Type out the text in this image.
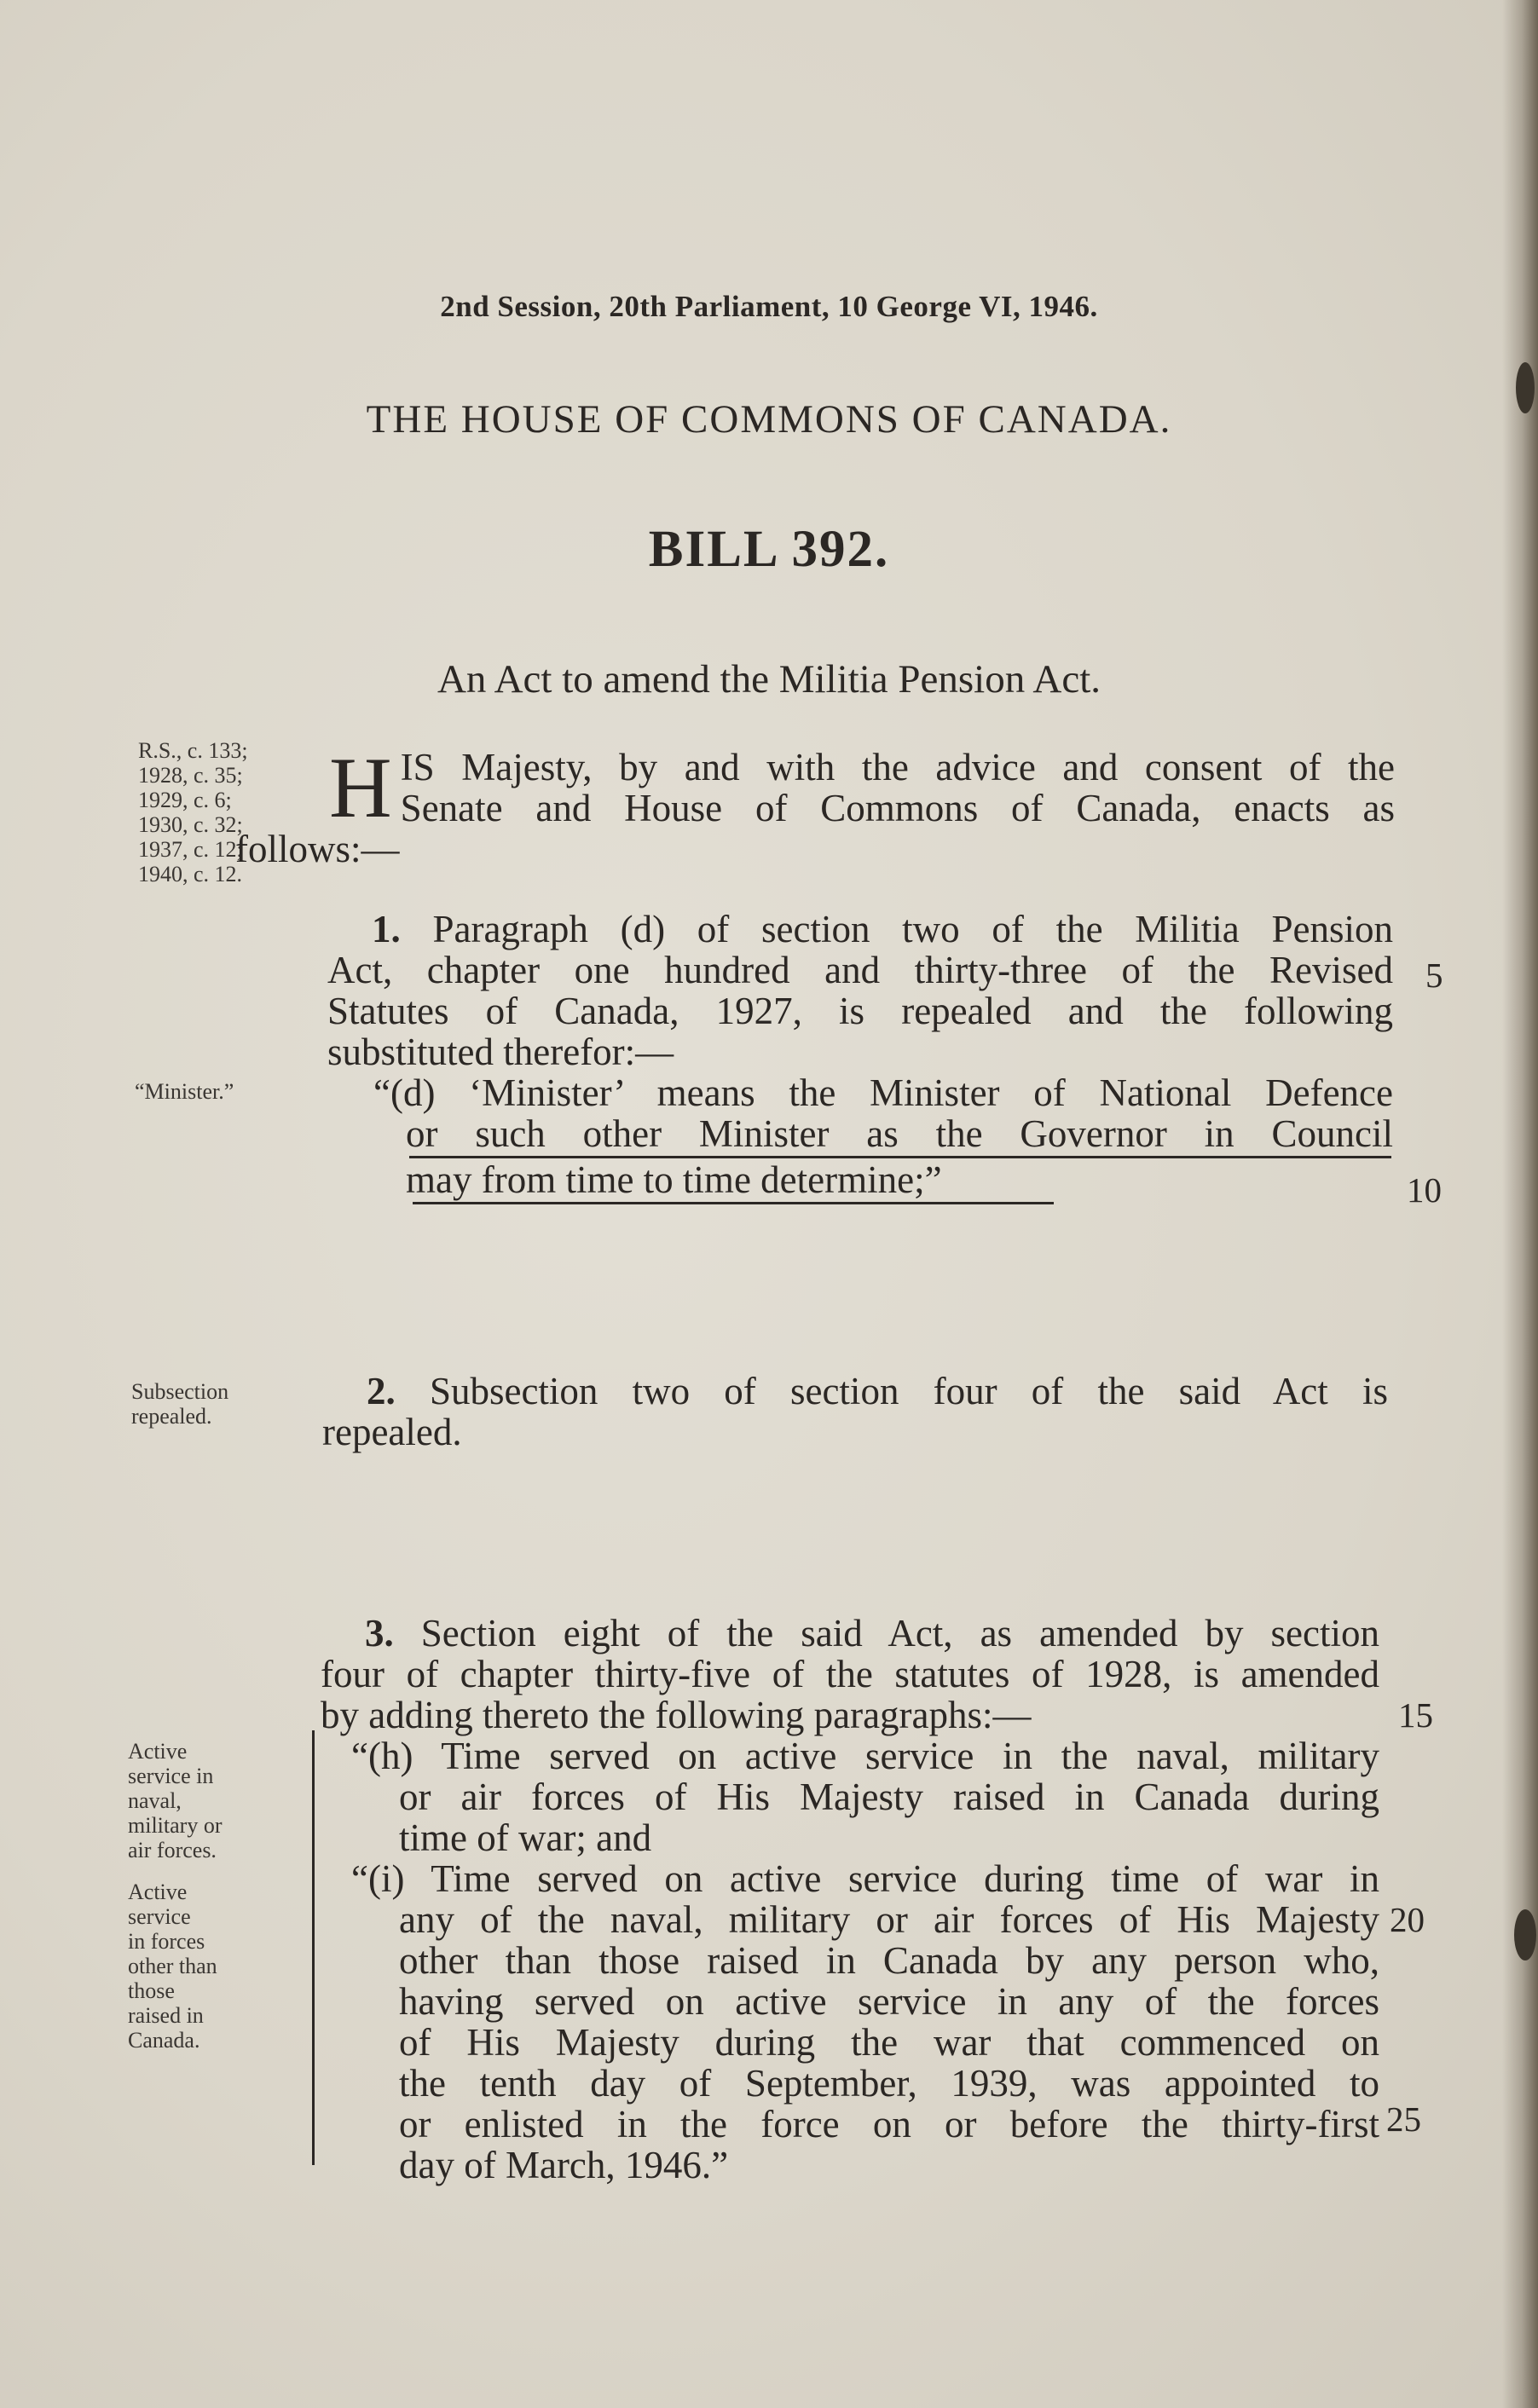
2nd Session, 20th Parliament, 10 George VI, 1946.
THE HOUSE OF COMMONS OF CANADA.
BILL 392.
An Act to amend the Militia Pension Act.
R.S., c. 133;
1928, c. 35;
1929, c. 6;
1930, c. 32;
1937, c. 12;
1940, c. 12.
“Minister.”
Subsection
repealed.
Active
service in
naval,
military or
air forces.
Active
service
in forces
other than
those
raised in
Canada.
H IS Majesty, by and with the advice and consent of the
Senate and House of Commons of Canada, enacts as
follows:—
1. Paragraph (d) of section two of the Militia Pension
Act, chapter one hundred and thirty-three of the Revised
Statutes of Canada, 1927, is repealed and the following
substituted therefor:—
“(d) ‘Minister’ means the Minister of National Defence
or such other Minister as the Governor in Council
may from time to time determine;”
2. Subsection two of section four of the said Act is
repealed.
3. Section eight of the said Act, as amended by section
four of chapter thirty-five of the statutes of 1928, is amended
by adding thereto the following paragraphs:—
“(h) Time served on active service in the naval, military
or air forces of His Majesty raised in Canada during
time of war; and
“(i) Time served on active service during time of war in
any of the naval, military or air forces of His Majesty
other than those raised in Canada by any person who,
having served on active service in any of the forces
of His Majesty during the war that commenced on
the tenth day of September, 1939, was appointed to
or enlisted in the force on or before the thirty-first
day of March, 1946.”
5
10
15
20
25
